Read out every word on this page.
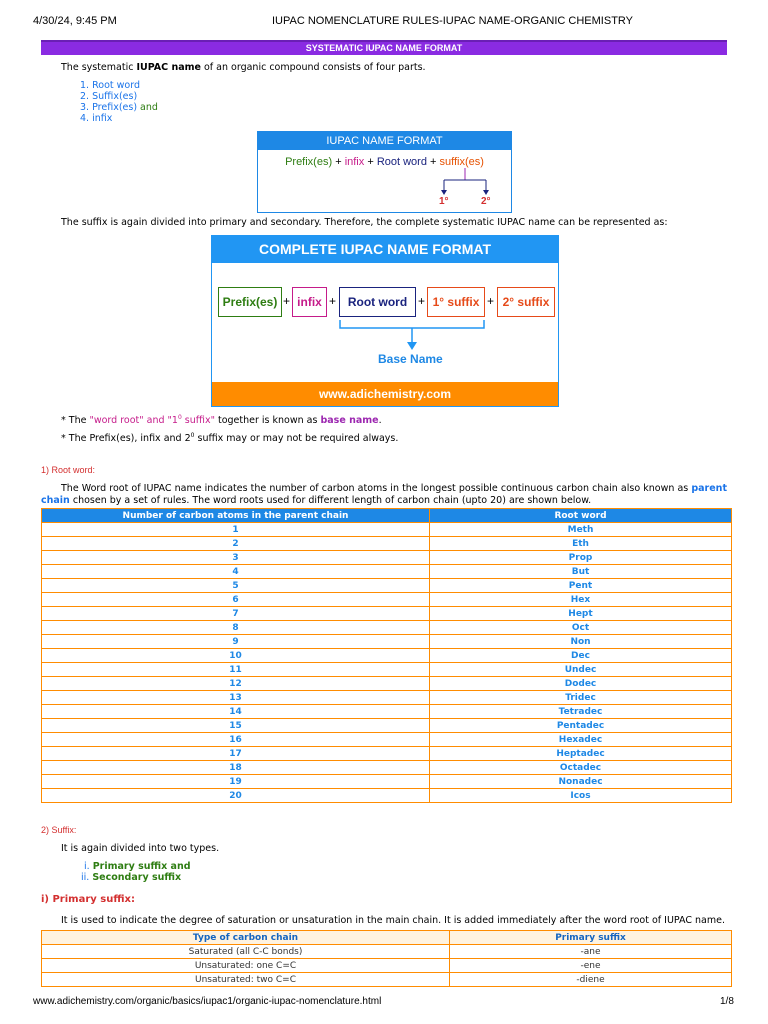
4/30/24, 9:45 PM	IUPAC NOMENCLATURE RULES-IUPAC NAME-ORGANIC CHEMISTRY
SYSTEMATIC IUPAC NAME FORMAT
The systematic IUPAC name of an organic compound consists of four parts.
1. Root word
2. Suffix(es)
3. Prefix(es) and
4. infix
IUPAC NAME FORMAT
Prefix(es) + infix + Root word + suffix(es)
1°	2°
The suffix is again divided into primary and secondary. Therefore, the complete systematic IUPAC name can be represented as:
COMPLETE IUPAC NAME FORMAT
Prefix(es) + infix + Root word + 1° suffix + 2° suffix
Base Name
www.adichemistry.com
* The "word root" and "$1^0$ suffix" together is known as base name.
* The Prefix(es), infix and $2^0$ suffix may or may not be required always.
1) Root word:
The Word root of IUPAC name indicates the number of carbon atoms in the longest possible continuous carbon chain also known as parent chain chosen by a set of rules. The word roots used for different length of carbon chain (upto 20) are shown below.
Number of carbon atoms in the parent chain	Root word
1	Meth
2	Eth
3	Prop
4	But
5	Pent
6	Hex
7	Hept
8	Oct
9	Non
10	Dec
11	Undec
12	Dodec
13	Tridec
14	Tetradec
15	Pentadec
16	Hexadec
17	Heptadec
18	Octadec
19	Nonadec
20	Icos
2) Suffix:
It is again divided into two types.
i. Primary suffix and
ii. Secondary suffix
i) Primary suffix:
It is used to indicate the degree of saturation or unsaturation in the main chain. It is added immediately after the word root of IUPAC name.
Type of carbon chain	Primary suffix
Saturated (all C-C bonds)	-ane
Unsaturated: one C=C	-ene
Unsaturated: two C=C	-diene
www.adichemistry.com/organic/basics/iupac1/organic-iupac-nomenclature.html	1/8
